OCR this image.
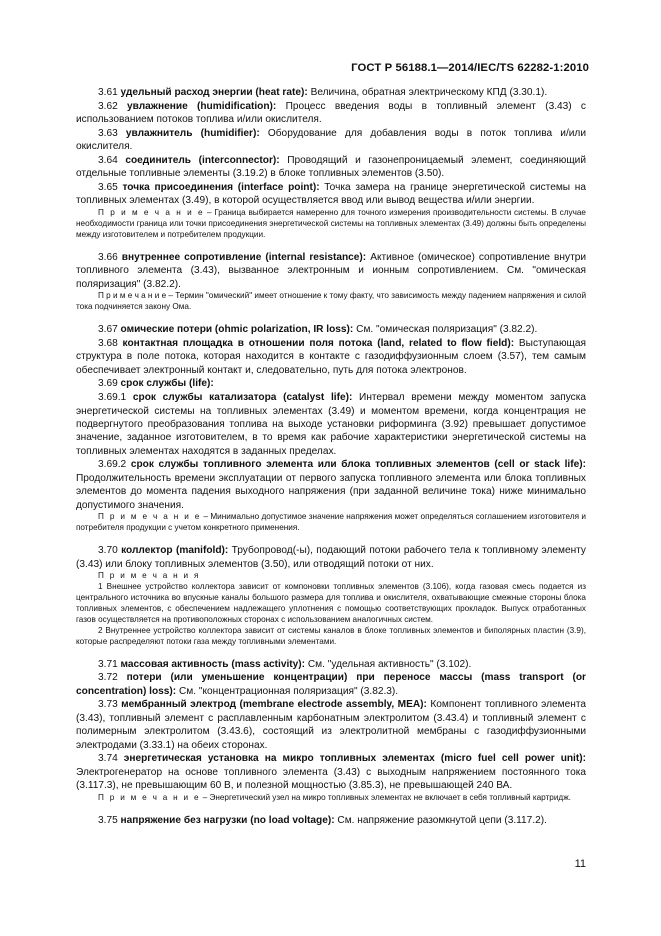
ГОСТ Р 56188.1—2014/IEC/TS 62282-1:2010

3.61 удельный расход энергии (heat rate): Величина, обратная электрическому КПД (3.30.1).

3.62 увлажнение (humidification): Процесс введения воды в топливный элемент (3.43) с использованием потоков топлива и/или окислителя.

3.63 увлажнитель (humidifier): Оборудование для добавления воды в поток топлива и/или окислителя.

3.64 соединитель (interconnector): Проводящий и газонепроницаемый элемент, соединяющий отдельные топливные элементы (3.19.2) в блоке топливных элементов (3.50).

3.65 точка присоединения (interface point): Точка замера на границе энергетической системы на топливных элементах (3.49), в которой осуществляется ввод или вывод вещества и/или энергии.

П р и м е ч а н и е – Граница выбирается намеренно для точного измерения производительности системы. В случае необходимости граница или точки присоединения энергетической системы на топливных элементах (3.49) должны быть определены между изготовителем и потребителем продукции.

3.66 внутреннее сопротивление (internal resistance): Активное (омическое) сопротивление внутри топливного элемента (3.43), вызванное электронным и ионным сопротивлением. См. "омическая поляризация" (3.82.2).

П р и м е ч а н и е – Термин "омический" имеет отношение к тому факту, что зависимость между падением напряжения и силой тока подчиняется закону Ома.

3.67 омические потери (ohmic polarization, IR loss): См. "омическая поляризация" (3.82.2).

3.68 контактная площадка в отношении поля потока (land, related to flow field): Выступающая структура в поле потока, которая находится в контакте с газодиффузионным слоем (3.57), тем самым обеспечивает электронный контакт и, следовательно, путь для потока электронов.

3.69 срок службы (life):

3.69.1 срок службы катализатора (catalyst life): Интервал времени между моментом запуска энергетической системы на топливных элементах (3.49) и моментом времени, когда концентрация не подвергнутого преобразования топлива на выходе установки риформинга (3.92) превышает допустимое значение, заданное изготовителем, в то время как рабочие характеристики энергетической системы на топливных элементах находятся в заданных пределах.

3.69.2 срок службы топливного элемента или блока топливных элементов (cell or stack life): Продолжительность времени эксплуатации от первого запуска топливного элемента или блока топливных элементов до момента падения выходного напряжения (при заданной величине тока) ниже минимально допустимого значения.

П р и м е ч а н и е – Минимально допустимое значение напряжения может определяться соглашением изготовителя и потребителя продукции с учетом конкретного применения.

3.70 коллектор (manifold): Трубопровод(-ы), подающий потоки рабочего тела к топливному элементу (3.43) или блоку топливных элементов (3.50), или отводящий потоки от них.

П р и м е ч а н и я

1 Внешнее устройство коллектора зависит от компоновки топливных элементов (3.106), когда газовая смесь подается из центрального источника во впускные каналы большого размера для топлива и окислителя, охватывающие смежные стороны блока топливных элементов, с обеспечением надлежащего уплотнения с помощью соответствующих прокладок. Выпуск отработанных газов осуществляется на противоположных сторонах с использованием аналогичных систем.

2 Внутреннее устройство коллектора зависит от системы каналов в блоке топливных элементов и биполярных пластин (3.9), которые распределяют потоки газа между топливными элементами.

3.71 массовая активность (mass activity): См. "удельная активность" (3.102).

3.72 потери (или уменьшение концентрации) при переносе массы (mass transport (or concentration) loss): См. "концентрационная поляризация" (3.82.3).

3.73 мембранный электрод (membrane electrode assembly, MEA): Компонент топливного элемента (3.43), топливный элемент с расплавленным карбонатным электролитом (3.43.4) и топливный элемент с полимерным электролитом (3.43.6), состоящий из электролитной мембраны с газодиффузионными электродами (3.33.1) на обеих сторонах.

3.74 энергетическая установка на микро топливных элементах (micro fuel cell power unit): Электрогенератор на основе топливного элемента (3.43) с выходным напряжением постоянного тока (3.117.3), не превышающим 60 В, и полезной мощностью (3.85.3), не превышающей 240 ВА.

П р и м е ч а н и е – Энергетический узел на микро топливных элементах не включает в себя топливный картридж.

3.75 напряжение без нагрузки (no load voltage): См. напряжение разомкнутой цепи (3.117.2).

11
